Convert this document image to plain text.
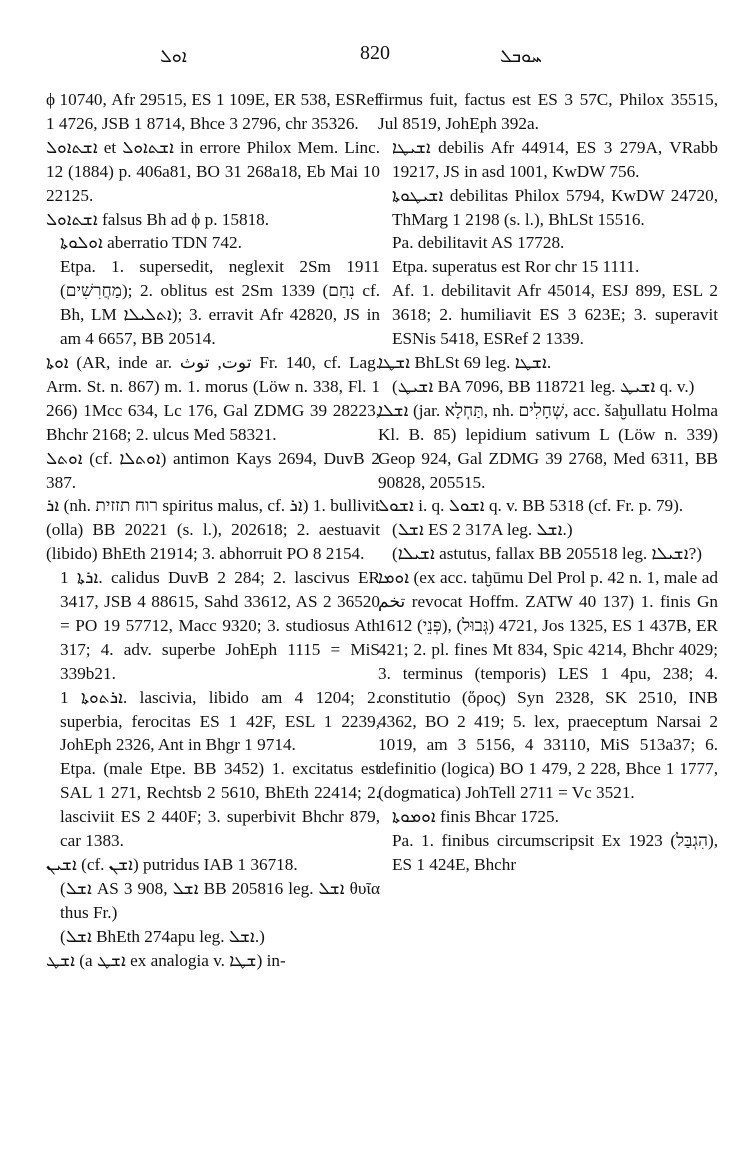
ܐܘܠ	820	ܚܘܒܠ

ϕ 10740, Afr 29515, ES 1 109E, ER 538, ESRef 1 4726, JSB 1 8714, Bhce 3 2796, chr 35326.

ܐܫܬܐܘܠ et ܐܫܬܐܘܠ in errore Philox Mem. Linc. 12 (1884) p. 406a81, BO 31 268a18, Eb Mai 10 22125.

ܐܫܬܐܘܠ falsus Bh ad ϕ p. 15818.

ܐܘܠܘܬܐ aberratio TDN 742.

Etpa. 1. supersedit, neglexit 2Sm 1911 (מַחֲרִשִׁים); 2. oblitus est 2Sm 1339 (נִחַם cf. Bh, LM ܐܬܠܝܠܐ); 3. erravit Afr 42820, JS in am 4 6657, BB 20514.

ܐܘܬܐ (AR, inde ar. توت, توث Fr. 140, cf. Lag. Arm. St. n. 867) m. 1. morus (Löw n. 338, Fl. 1 266) 1Mcc 634, Lc 176, Gal ZDMG 39 28223, Bhchr 2168; 2. ulcus Med 58321.

ܐܘܬܠ (cf. ܐܘܬܠܐ) antimon Kays 2694, DuvB 2 387.

ܐܪ (nh. רוח תזזית spiritus malus, cf. ܐܪ) 1. bullivit (olla) BB 20221 (s. l.), 202618; 2. aestuavit (libido) BhEth 21914; 3. abhorruit PO 8 2154.

ܐܪܬܐ 1. calidus DuvB 2 284; 2. lascivus ER 3417, JSB 4 88615, Sahd 33612, AS 2 36520 = PO 19 57712, Macc 9320; 3. studiosus Ath 317; 4. adv. superbe JohEph 1115 = MiS 339b21.

ܐܪܬܘܬܐ 1. lascivia, libido am 4 1204; 2. superbia, ferocitas ES 1 42F, ESL 1 2239, JohEph 2326, Ant in Bhgr 1 9714.

Etpa. (male Etpe. BB 3452) 1. excitatus est SAL 1 271, Rechtsb 2 5610, BhEth 22414; 2. lasciviit ES 2 440F; 3. superbivit Bhchr 879, car 1383.

ܐܫܝܢ (cf. ܐܫܢ) putridus IAB 1 36718.

(ܐܫܠ AS 3 908, ܐܫܠ BB 205816 leg. ܐܫܠ θυῖα thus Fr.)

(ܐܫܠ BhEth 274apu leg. ܐܫܠ.)

ܐܫܛ (a ܐܫܛ ex analogia v. ܫܛܐ) in-

firmus fuit, factus est ES 3 57C, Philox 35515, Jul 8519, JohEph 392a.

ܐܫܝܛܐ debilis Afr 44914, ES 3 279A, VRabb 19217, JS in asd 1001, KwDW 756.

ܐܫܝܛܘܬܐ debilitas Philox 5794, KwDW 24720, ThMarg 1 2198 (s. l.), BhLSt 15516.

Pa. debilitavit AS 17728.

Etpa. superatus est Ror chr 15 1111.

Af. 1. debilitavit Afr 45014, ESJ 899, ESL 2 3618; 2. humiliavit ES 3 623E; 3. superavit ESNis 5418, ESRef 2 1339.

ܐܫܛܐ BhLSt 69 leg. ܐܫܛܐ.

(ܐܫܝܛ BA 7096, BB 118721 leg. ܐܫܝܛ q. v.)

ܐܫܠܐ (jar. תַּחְלָא, nh. שְׁחָלִים, acc. šaḫullatu Holma Kl. B. 85) lepidium sativum L (Löw n. 339) Geop 924, Gal ZDMG 39 2768, Med 6311, BB 90828, 205515.

ܐܫܘܠ i. q. ܐܫܘܠ q. v. BB 5318 (cf. Fr. p. 79).

(ܐܫܠ ES 2 317A leg. ܐܫܠ.)

(ܐܫܝܠܐ astutus, fallax BB 205518 leg. ܐܫܝܠܐ?)

ܐܘܡܐ (ex acc. taḫūmu Del Prol p. 42 n. 1, male ad تخم revocat Hoffm. ZATW 40 137) 1. finis Gn 1612 (פְּנֵי), 4721 (גְּבוּל), Jos 1325, ES 1 437B, ER 421; 2. pl. fines Mt 834, Spic 4214, Bhchr 4029; 3. terminus (temporis) LES 1 4pu, 238; 4. constitutio (ὅρος) Syn 2328, SK 2510, INB 4362, BO 2 419; 5. lex, praeceptum Narsai 2 1019, am 3 5156, 4 33110, MiS 513a37; 6. definitio (logica) BO 1 479, 2 228, Bhce 1 1777, (dogmatica) JohTell 2711 = Vc 3521.

ܐܘܡܘܬܐ finis Bhcar 1725.

Pa. 1. finibus circumscripsit Ex 1923 (הִגְבַּל), ES 1 424E, Bhchr
